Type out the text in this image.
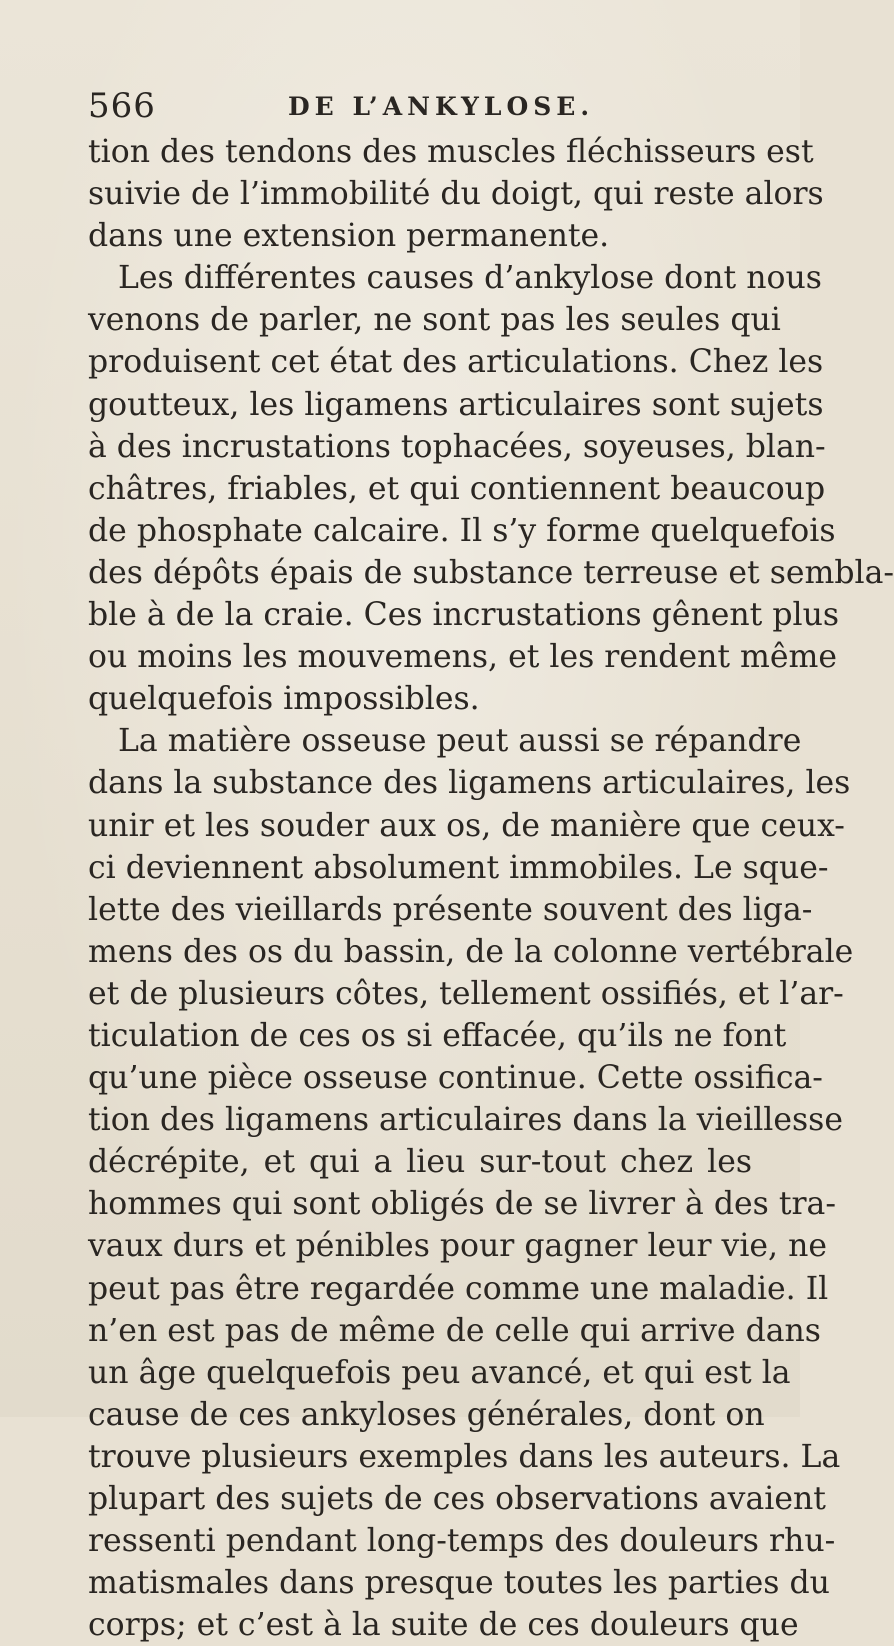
566	DE L’ANKYLOSE.
tion des tendons des muscles fléchisseurs est
suivie de l’immobilité du doigt, qui reste alors
dans une extension permanente.
Les différentes causes d’ankylose dont nous
venons de parler, ne sont pas les seules qui
produisent cet état des articulations. Chez les
goutteux, les ligamens articulaires sont sujets
à des incrustations tophacées, soyeuses, blan-
châtres, friables, et qui contiennent beaucoup
de phosphate calcaire. Il s’y forme quelquefois
des dépôts épais de substance terreuse et sembla-
ble à de la craie. Ces incrustations gênent plus
ou moins les mouvemens, et les rendent même
quelquefois impossibles.
La matière osseuse peut aussi se répandre
dans la substance des ligamens articulaires, les
unir et les souder aux os, de manière que ceux-
ci deviennent absolument immobiles. Le sque-
lette des vieillards présente souvent des liga-
mens des os du bassin, de la colonne vertébrale
et de plusieurs côtes, tellement ossifiés, et l’ar-
ticulation de ces os si effacée, qu’ils ne font
qu’une pièce osseuse continue. Cette ossifica-
tion des ligamens articulaires dans la vieillesse
décrépite, et qui a lieu sur-tout chez les
hommes qui sont obligés de se livrer à des tra-
vaux durs et pénibles pour gagner leur vie, ne
peut pas être regardée comme une maladie. Il
n’en est pas de même de celle qui arrive dans
un âge quelquefois peu avancé, et qui est la
cause de ces ankyloses générales, dont on
trouve plusieurs exemples dans les auteurs. La
plupart des sujets de ces observations avaient
ressenti pendant long-temps des douleurs rhu-
matismales dans presque toutes les parties du
corps; et c’est à la suite de ces douleurs que
